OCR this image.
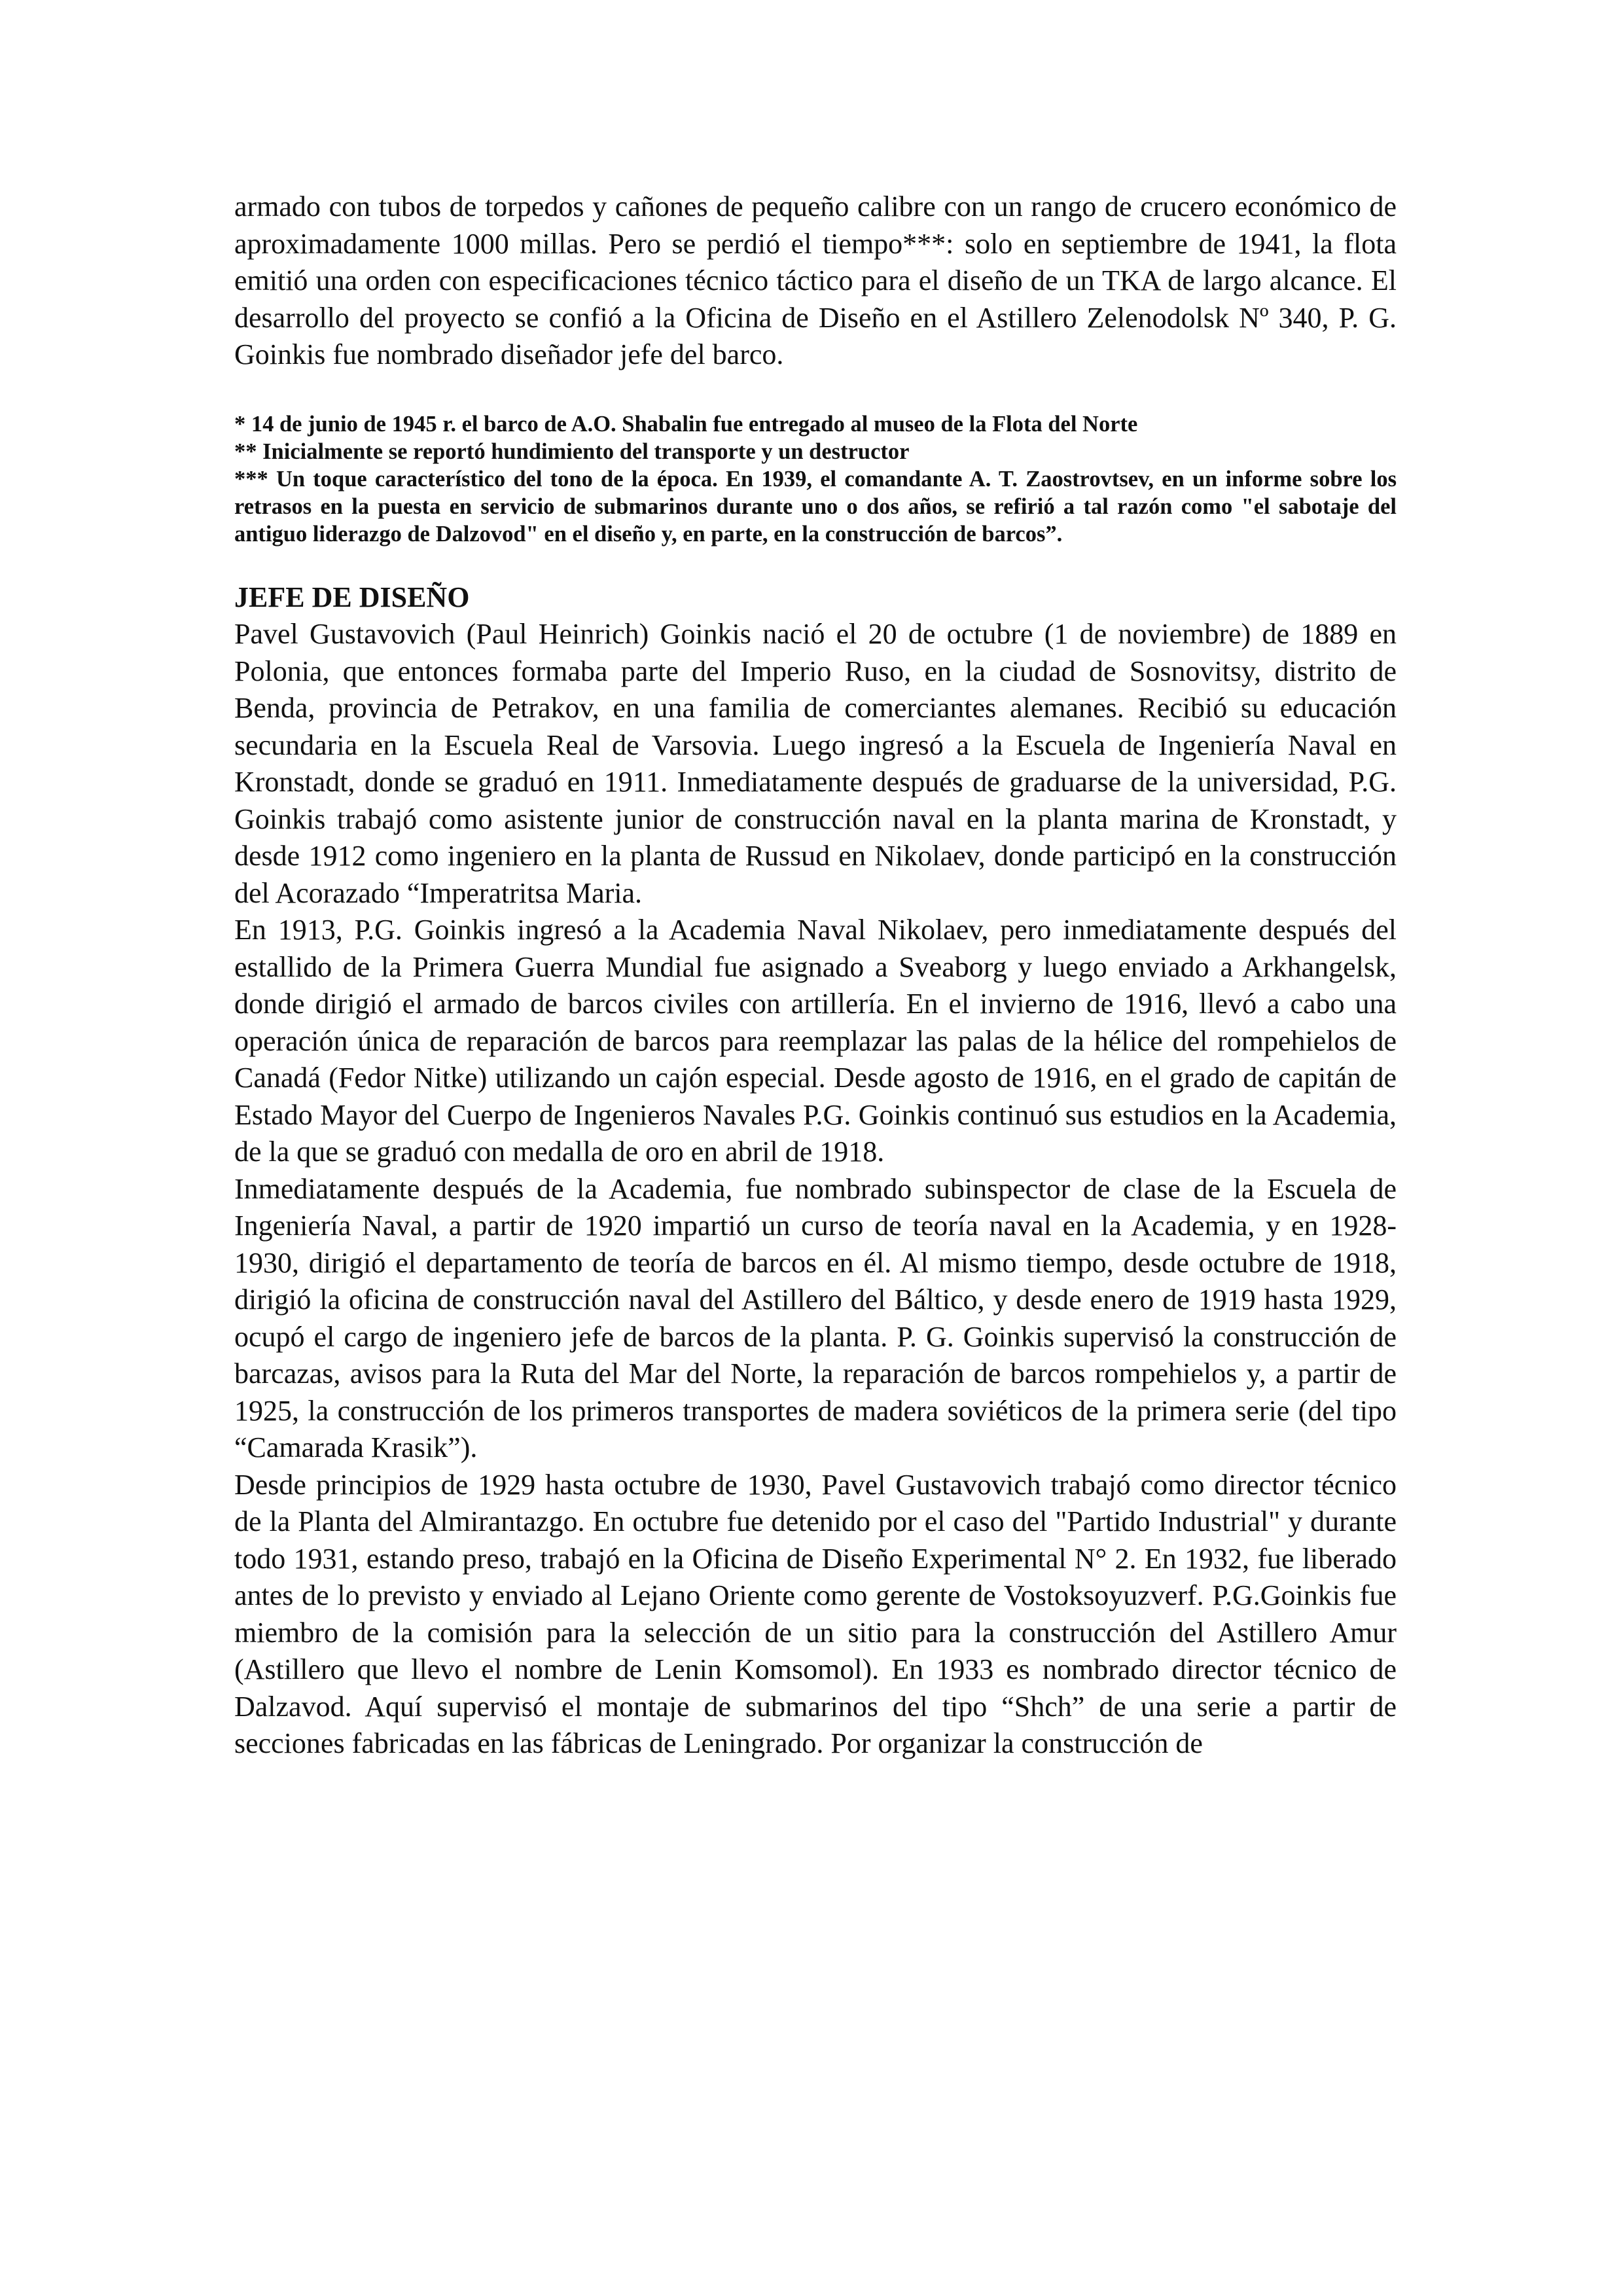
armado con tubos de torpedos y cañones de pequeño calibre con un rango de crucero económico de aproximadamente 1000 millas. Pero se perdió el tiempo***: solo en septiembre de 1941, la flota emitió una orden con especificaciones técnico táctico para el diseño de un TKA de largo alcance. El desarrollo del proyecto se confió a la Oficina de Diseño en el Astillero Zelenodolsk Nº 340, P. G. Goinkis fue nombrado diseñador jefe del barco.

* 14 de junio de 1945 r. el barco de A.O. Shabalin fue entregado al museo de la Flota del Norte

** Inicialmente se reportó hundimiento del transporte y un destructor

*** Un toque característico del tono de la época. En 1939, el comandante A. T. Zaostrovtsev, en un informe sobre los retrasos en la puesta en servicio de submarinos durante uno o dos años, se refirió a tal razón como "el sabotaje del antiguo liderazgo de Dalzovod" en el diseño y, en parte, en la construcción de barcos”.

JEFE DE DISEÑO

Pavel Gustavovich (Paul Heinrich) Goinkis nació el 20 de octubre (1 de noviembre) de 1889 en Polonia, que entonces formaba parte del Imperio Ruso, en la ciudad de Sosnovitsy, distrito de Benda, provincia de Petrakov, en una familia de comerciantes alemanes. Recibió su educación secundaria en la Escuela Real de Varsovia. Luego ingresó a la Escuela de Ingeniería Naval en Kronstadt, donde se graduó en 1911. Inmediatamente después de graduarse de la universidad, P.G. Goinkis trabajó como asistente junior de construcción naval en la planta marina de Kronstadt, y desde 1912 como ingeniero en la planta de Russud en Nikolaev, donde participó en la construcción del Acorazado “Imperatritsa Maria.

En 1913, P.G. Goinkis ingresó a la Academia Naval Nikolaev, pero inmediatamente después del estallido de la Primera Guerra Mundial fue asignado a Sveaborg y luego enviado a Arkhangelsk, donde dirigió el armado de barcos civiles con artillería. En el invierno de 1916, llevó a cabo una operación única de reparación de barcos para reemplazar las palas de la hélice del rompehielos de Canadá (Fedor Nitke) utilizando un cajón especial. Desde agosto de 1916, en el grado de capitán de Estado Mayor del Cuerpo de Ingenieros Navales P.G. Goinkis continuó sus estudios en la Academia, de la que se graduó con medalla de oro en abril de 1918.

Inmediatamente después de la Academia, fue nombrado subinspector de clase de la Escuela de Ingeniería Naval, a partir de 1920 impartió un curso de teoría naval en la Academia, y en 1928-1930, dirigió el departamento de teoría de barcos en él. Al mismo tiempo, desde octubre de 1918, dirigió la oficina de construcción naval del Astillero del Báltico, y desde enero de 1919 hasta 1929, ocupó el cargo de ingeniero jefe de barcos de la planta. P. G. Goinkis supervisó la construcción de barcazas, avisos para la Ruta del Mar del Norte, la reparación de barcos rompehielos y, a partir de 1925, la construcción de los primeros transportes de madera soviéticos de la primera serie (del tipo “Camarada Krasik”).

Desde principios de 1929 hasta octubre de 1930, Pavel Gustavovich trabajó como director técnico de la Planta del Almirantazgo. En octubre fue detenido por el caso del "Partido Industrial" y durante todo 1931, estando preso, trabajó en la Oficina de Diseño Experimental N° 2. En 1932, fue liberado antes de lo previsto y enviado al Lejano Oriente como gerente de Vostoksoyuzverf. P.G.Goinkis fue miembro de la comisión para la selección de un sitio para la construcción del Astillero Amur (Astillero que llevo el nombre de Lenin Komsomol). En 1933 es nombrado director técnico de Dalzavod. Aquí supervisó el montaje de submarinos del tipo “Shch” de una serie a partir de secciones fabricadas en las fábricas de Leningrado. Por organizar la construcción de
